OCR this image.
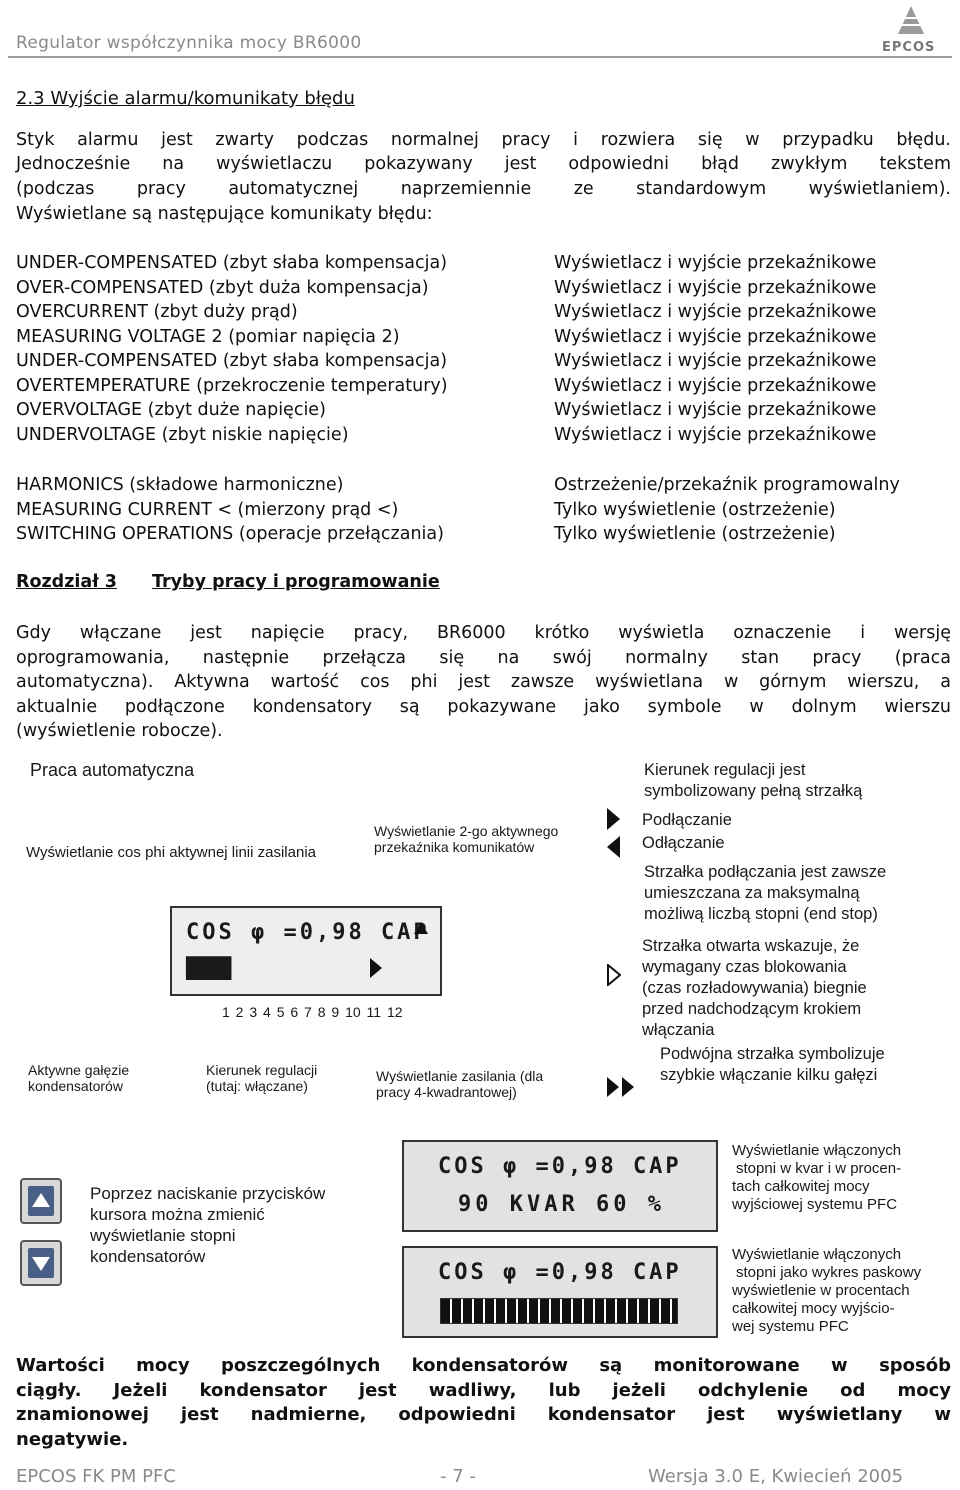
Regulator współczynnika mocy BR6000	EPCOS
2.3 Wyjście alarmu/komunikaty błędu
Styk alarmu jest zwarty podczas normalnej pracy i rozwiera się w przypadku błędu.
Jednocześnie na wyświetlaczu pokazywany jest odpowiedni błąd zwykłym tekstem
(podczas pracy automatycznej naprzemiennie ze standardowym wyświetlaniem).
Wyświetlane są następujące komunikaty błędu:
UNDER-COMPENSATED (zbyt słaba kompensacja)	Wyświetlacz i wyjście przekaźnikowe
OVER-COMPENSATED (zbyt duża kompensacja)	Wyświetlacz i wyjście przekaźnikowe
OVERCURRENT (zbyt duży prąd)	Wyświetlacz i wyjście przekaźnikowe
MEASURING VOLTAGE 2 (pomiar napięcia 2)	Wyświetlacz i wyjście przekaźnikowe
UNDER-COMPENSATED (zbyt słaba kompensacja)	Wyświetlacz i wyjście przekaźnikowe
OVERTEMPERATURE (przekroczenie temperatury)	Wyświetlacz i wyjście przekaźnikowe
OVERVOLTAGE (zbyt duże napięcie)	Wyświetlacz i wyjście przekaźnikowe
UNDERVOLTAGE (zbyt niskie napięcie)	Wyświetlacz i wyjście przekaźnikowe
HARMONICS (składowe harmoniczne)	Ostrzeżenie/przekaźnik programowalny
MEASURING CURRENT < (mierzony prąd <)	Tylko wyświetlenie (ostrzeżenie)
SWITCHING OPERATIONS (operacje przełączania)	Tylko wyświetlenie (ostrzeżenie)
Rozdział 3 Tryby pracy i programowanie
Gdy włączane jest napięcie pracy, BR6000 krótko wyświetla oznaczenie i wersję
oprogramowania, następnie przełącza się na swój normalny stan pracy (praca
automatyczna). Aktywna wartość cos phi jest zawsze wyświetlana w górnym wierszu, a
aktualnie podłączone kondensatory są pokazywane jako symbole w dolnym wierszu
(wyświetlenie robocze).
Praca automatyczna
Wyświetlanie 2-go aktywnego
przekaźnika komunikatów
Wyświetlanie cos phi aktywnej linii zasilania
COS φ =0,98 CAP
████
1 2 3 4 5 6 7 8 9 10 11 12
Aktywne gałęzie
kondensatorów
Kierunek regulacji
(tutaj: włączane)
Wyświetlanie zasilania (dla
pracy 4-kwadrantowej)
Kierunek regulacji jest
symbolizowany pełną strzałką
Podłączanie
Odłączanie
Strzałka podłączania jest zawsze
umieszczana za maksymalną
możliwą liczbą stopni (end stop)
Strzałka otwarta wskazuje, że
wymagany czas blokowania
(czas rozładowywania) biegnie
przed nadchodzącym krokiem
włączania
Podwójna strzałka symbolizuje
szybkie włączanie kilku gałęzi
Poprzez naciskanie przycisków
kursora można zmienić
wyświetlanie stopni
kondensatorów
COS φ =0,98 CAP
90 KVAR 60 %
COS φ =0,98 CAP
Wyświetlanie włączonych
stopni w kvar i w procen-
tach całkowitej mocy
wyjściowej systemu PFC
Wyświetlanie włączonych
stopni jako wykres paskowy
wyświetlenie w procentach
całkowitej mocy wyjścio-
wej systemu PFC
Wartości mocy poszczególnych kondensatorów są monitorowane w sposób
ciągły. Jeżeli kondensator jest wadliwy, lub jeżeli odchylenie od mocy
znamionowej jest nadmierne, odpowiedni kondensator jest wyświetlany w
negatywie.
EPCOS FK PM PFC	- 7 -	Wersja 3.0 E, Kwiecień 2005
